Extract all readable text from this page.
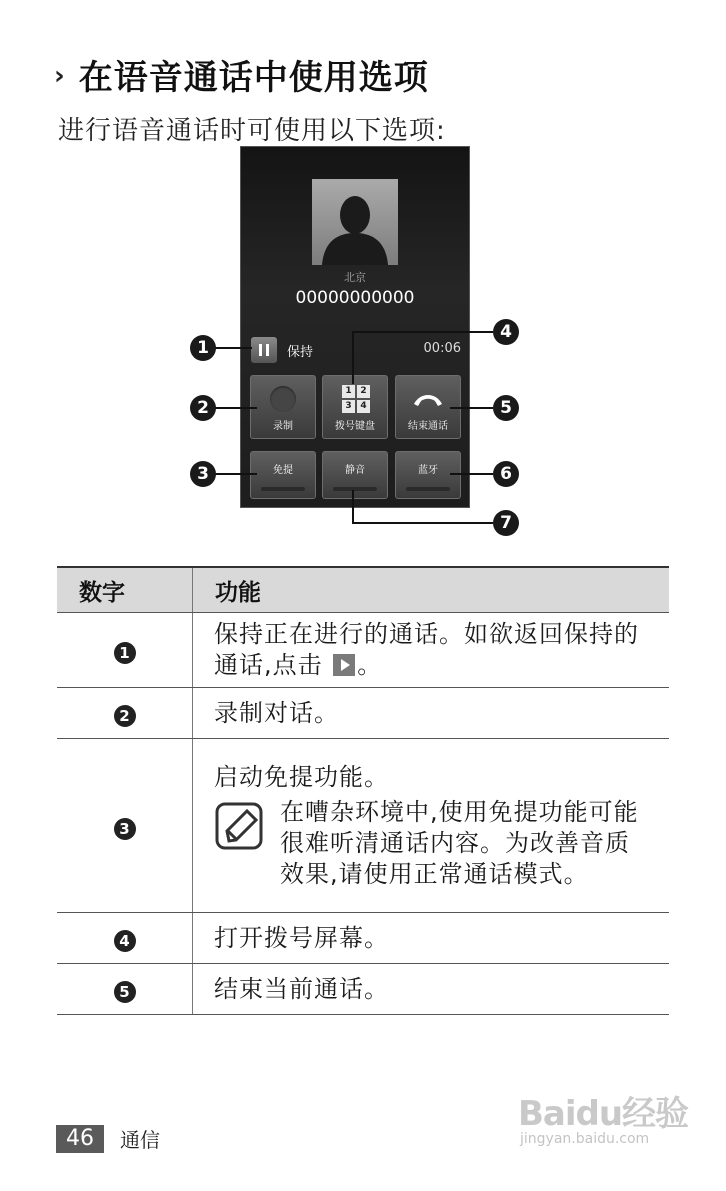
› 在语音通话中使用选项
进行语音通话时可使用以下选项:
北京
00000000000
保持	00:06
录制
1 2
3 4
拨号键盘	结束通话
免提	静音	蓝牙
1
2
3
4
5
6
7
数字	功能
1	保持正在进行的通话。如欲返回保持的通话,点击 。
2	录制对话。
3	启动免提功能。
在嘈杂环境中,使用免提功能可能很难听清通话内容。为改善音质效果,请使用正常通话模式。

4	打开拨号屏幕。
5	结束当前通话。
46	通信
Baidu经验
jingyan.baidu.com
